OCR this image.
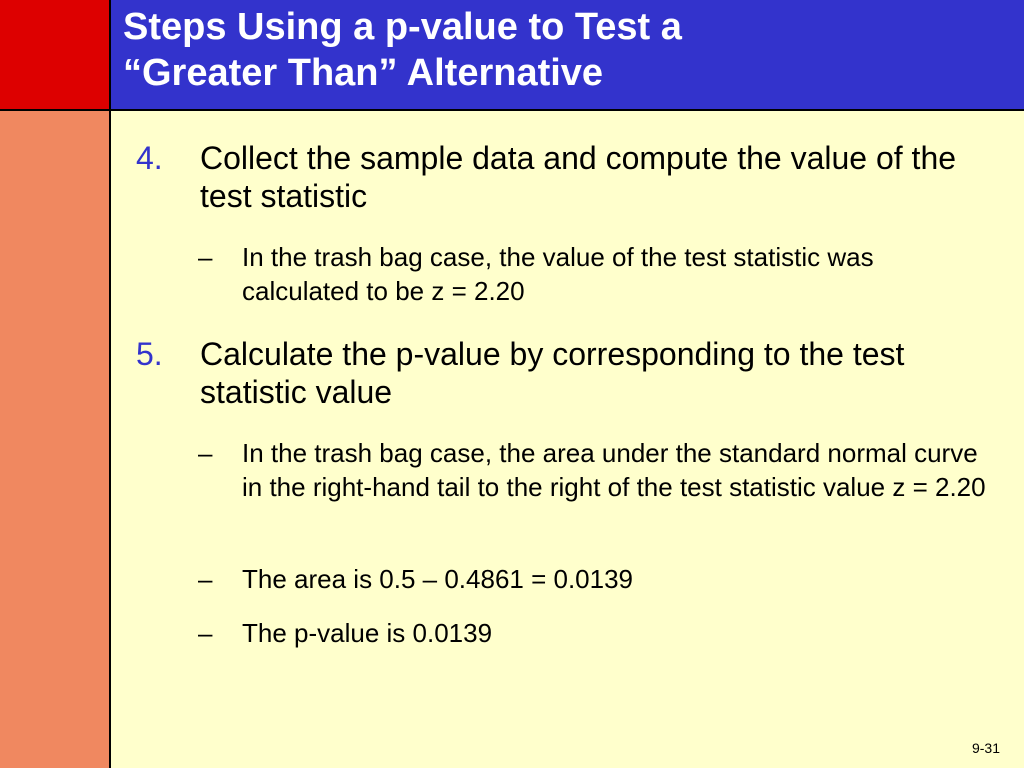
Steps Using a p-value to Test a
“Greater Than” Alternative
4. Collect the sample data and compute the value of the test statistic
– In the trash bag case, the value of the test statistic was calculated to be z = 2.20
5. Calculate the p-value by corresponding to the test statistic value
– In the trash bag case, the area under the standard normal curve in the right-hand tail to the right of the test statistic value z = 2.20
– The area is 0.5 – 0.4861 = 0.0139
– The p-value is 0.0139
9-31
